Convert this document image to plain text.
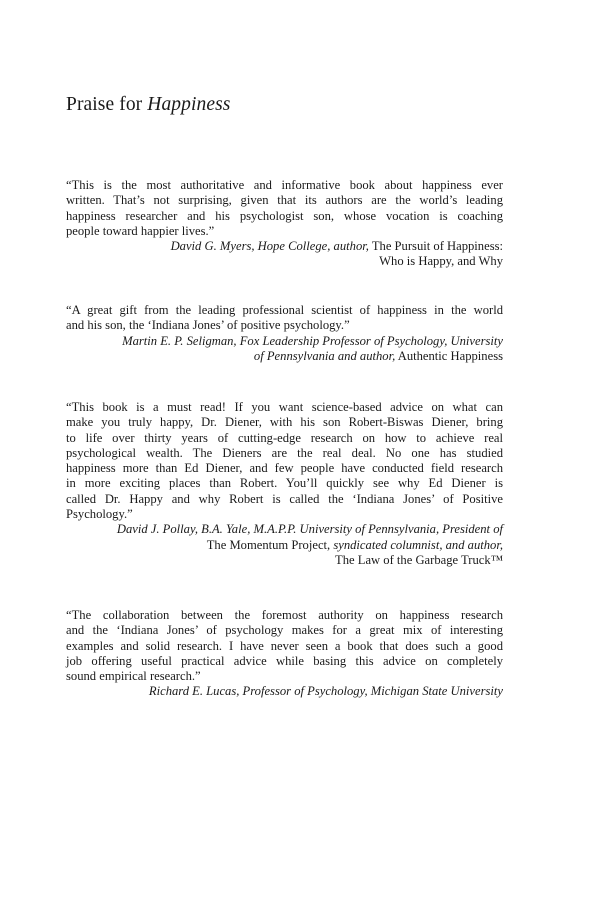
Praise for Happiness

“This is the most authoritative and informative book about happiness ever
written. That’s not surprising, given that its authors are the world’s leading
happiness researcher and his psychologist son, whose vocation is coaching
people toward happier lives.”

David G. Myers, Hope College, author, The Pursuit of Happiness:
Who is Happy, and Why

“A great gift from the leading professional scientist of happiness in the world
and his son, the ‘Indiana Jones’ of positive psychology.”

Martin E. P. Seligman, Fox Leadership Professor of Psychology, University
of Pennsylvania and author, Authentic Happiness

“This book is a must read! If you want science-based advice on what can
make you truly happy, Dr. Diener, with his son Robert-Biswas Diener, bring
to life over thirty years of cutting-edge research on how to achieve real
psychological wealth. The Dieners are the real deal. No one has studied
happiness more than Ed Diener, and few people have conducted field research
in more exciting places than Robert. You’ll quickly see why Ed Diener is
called Dr. Happy and why Robert is called the ‘Indiana Jones’ of Positive
Psychology.”

David J. Pollay, B.A. Yale, M.A.P.P. University of Pennsylvania, President of
The Momentum Project, syndicated columnist, and author,
The Law of the Garbage Truck™

“The collaboration between the foremost authority on happiness research
and the ‘Indiana Jones’ of psychology makes for a great mix of interesting
examples and solid research. I have never seen a book that does such a good
job offering useful practical advice while basing this advice on completely
sound empirical research.”

Richard E. Lucas, Professor of Psychology, Michigan State University
